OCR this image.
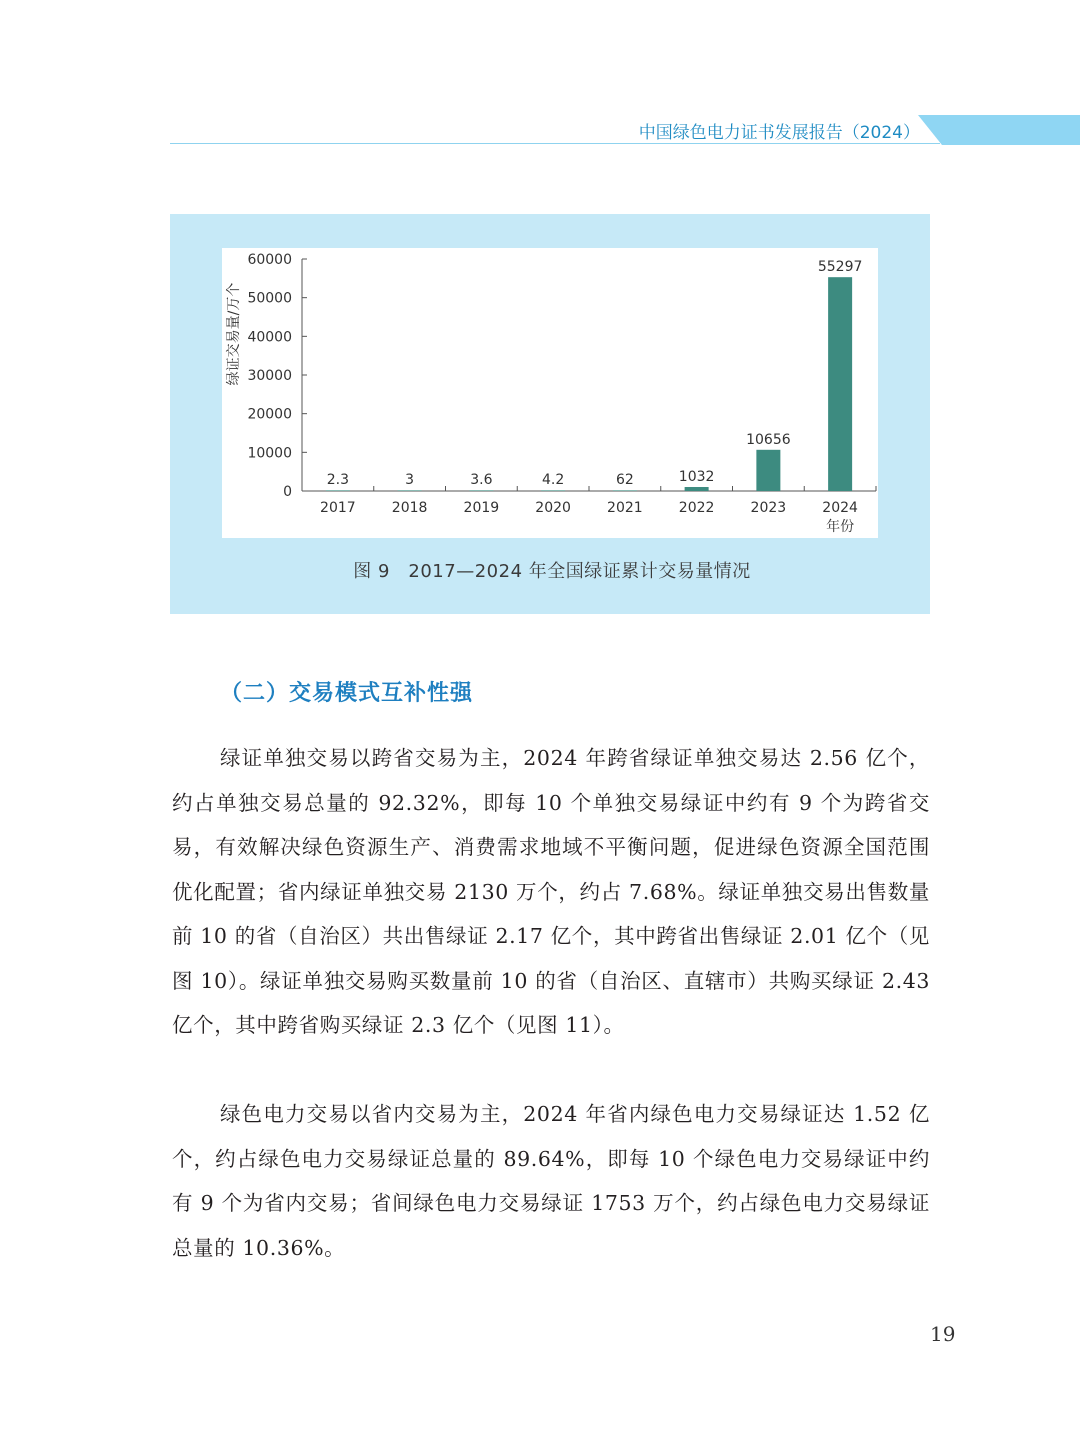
中国绿色电力证书发展报告（2024）
0
10000
20000
30000
40000
50000
60000
2.3
2017
3
2018
3.6
2019
4.2
2020
62
2021
1032
2022
10656
2023
55297
2024
年份
绿证交易量/万个
图 9　2017—2024 年全国绿证累计交易量情况
（二）交易模式互补性强
绿证单独交易以跨省交易为主，2024 年跨省绿证单独交易达 2.56 亿个，约占单独交易总量的 92.32%，即每 10 个单独交易绿证中约有 9 个为跨省交易，有效解决绿色资源生产、消费需求地域不平衡问题，促进绿色资源全国范围优化配置；省内绿证单独交易 2130 万个，约占 7.68%。绿证单独交易出售数量前 10 的省（自治区）共出售绿证 2.17 亿个，其中跨省出售绿证 2.01 亿个（见图 10）。绿证单独交易购买数量前 10 的省（自治区、直辖市）共购买绿证 2.43 亿个，其中跨省购买绿证 2.3 亿个（见图 11）。
绿色电力交易以省内交易为主，2024 年省内绿色电力交易绿证达 1.52 亿个，约占绿色电力交易绿证总量的 89.64%，即每 10 个绿色电力交易绿证中约有 9 个为省内交易；省间绿色电力交易绿证 1753 万个，约占绿色电力交易绿证总量的 10.36%。
19
